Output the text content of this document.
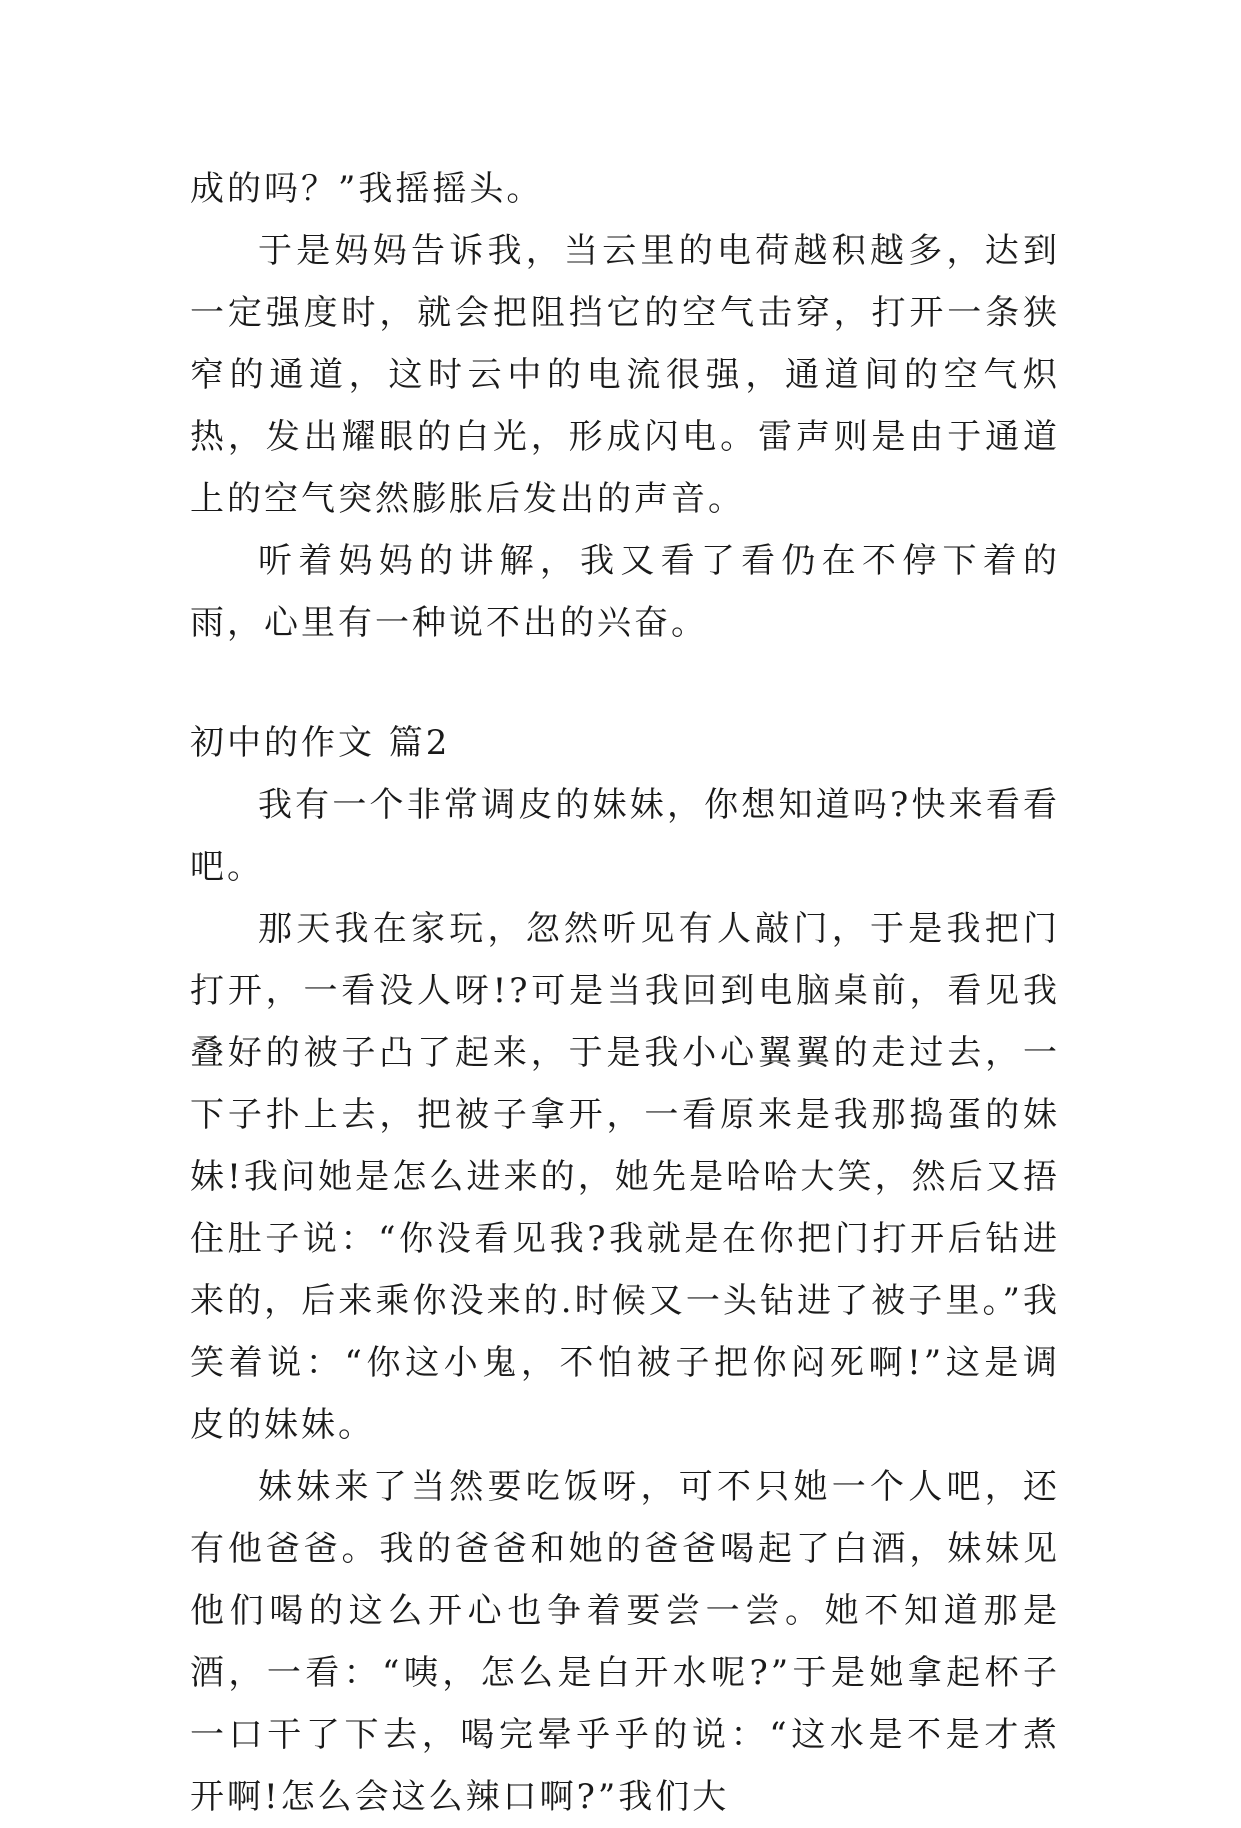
成的吗？”我摇摇头。

于是妈妈告诉我，当云里的电荷越积越多，达到一定强度时，就会把阻挡它的空气击穿，打开一条狭窄的通道，这时云中的电流很强，通道间的空气炽热，发出耀眼的白光，形成闪电。雷声则是由于通道上的空气突然膨胀后发出的声音。

听着妈妈的讲解，我又看了看仍在不停下着的雨，心里有一种说不出的兴奋。

初中的作文 篇2

我有一个非常调皮的妹妹，你想知道吗?快来看看吧。

那天我在家玩，忽然听见有人敲门，于是我把门打开，一看没人呀!?可是当我回到电脑桌前，看见我叠好的被子凸了起来，于是我小心翼翼的走过去，一下子扑上去，把被子拿开，一看原来是我那捣蛋的妹妹!我问她是怎么进来的，她先是哈哈大笑，然后又捂住肚子说：“你没看见我?我就是在你把门打开后钻进来的，后来乘你没来的.时候又一头钻进了被子里。”我笑着说：“你这小鬼，不怕被子把你闷死啊!”这是调皮的妹妹。

妹妹来了当然要吃饭呀，可不只她一个人吧，还有他爸爸。我的爸爸和她的爸爸喝起了白酒，妹妹见他们喝的这么开心也争着要尝一尝。她不知道那是酒，一看：“咦，怎么是白开水呢?”于是她拿起杯子一口干了下去，喝完晕乎乎的说：“这水是不是才煮开啊!怎么会这么辣口啊?”我们大
